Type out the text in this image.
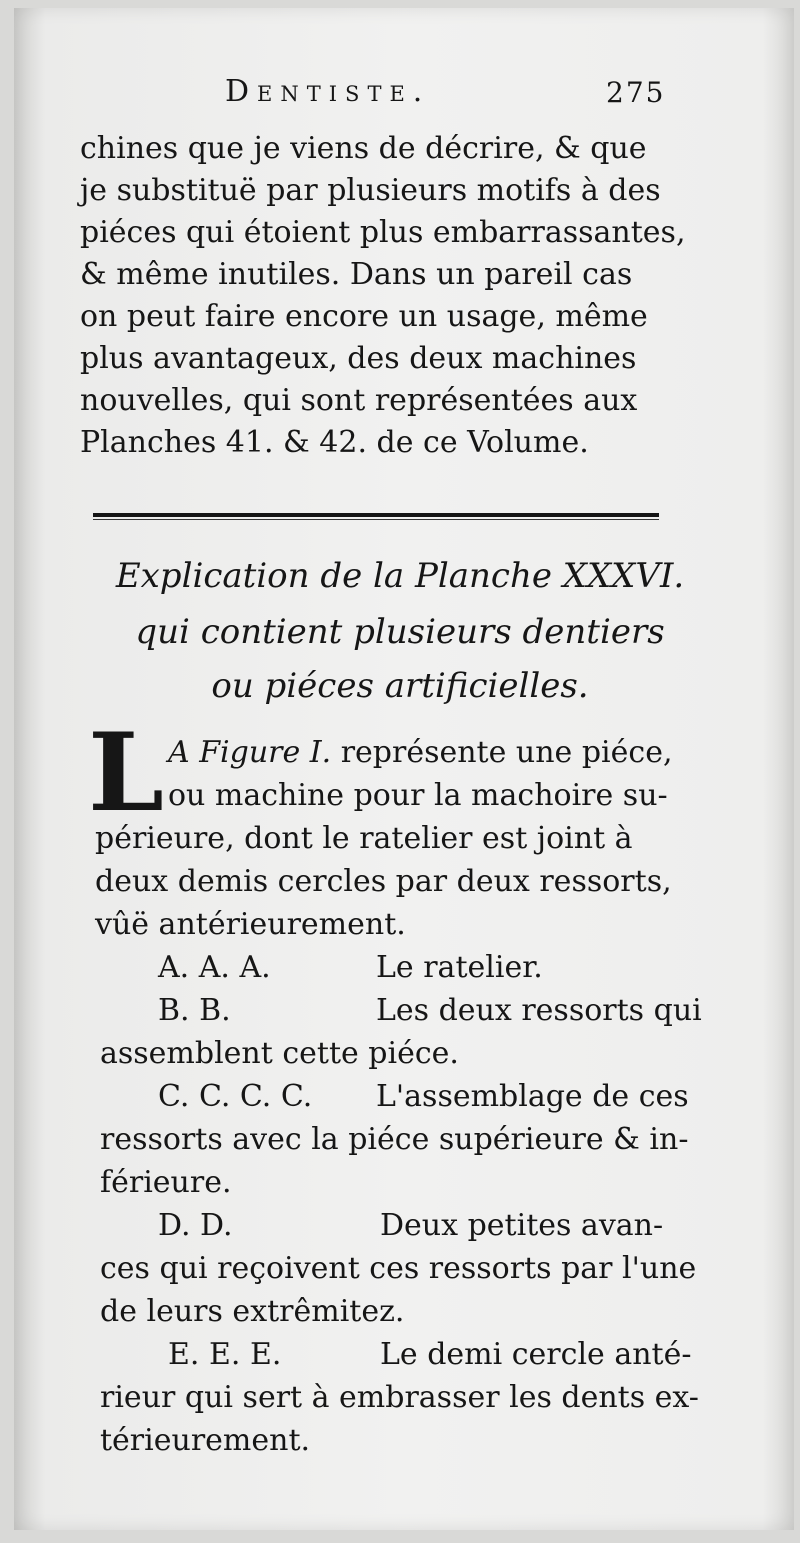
Dentiste.	275
chines que je viens de décrire, & que
je substituë par plusieurs motifs à des
piéces qui étoient plus embarrassantes,
& même inutiles. Dans un pareil cas
on peut faire encore un usage, même
plus avantageux, des deux machines
nouvelles, qui sont représentées aux
Planches 41. & 42. de ce Volume.
Explication de la Planche XXXVI.
qui contient plusieurs dentiers
ou piéces artificielles.
L A Figure I. représente une piéce,
ou machine pour la machoire su-
périeure, dont le ratelier est joint à
deux demis cercles par deux ressorts,
vûë antérieurement.
A. A. A.	Le ratelier.
B. B.	Les deux ressorts qui
assemblent cette piéce.
C. C. C. C. L'assemblage de ces
ressorts avec la piéce supérieure & in-
férieure.
D. D.	Deux petites avan-
ces qui reçoivent ces ressorts par l'une
de leurs extrêmitez.
E. E. E.	Le demi cercle anté-
rieur qui sert à embrasser les dents ex-
térieurement.
